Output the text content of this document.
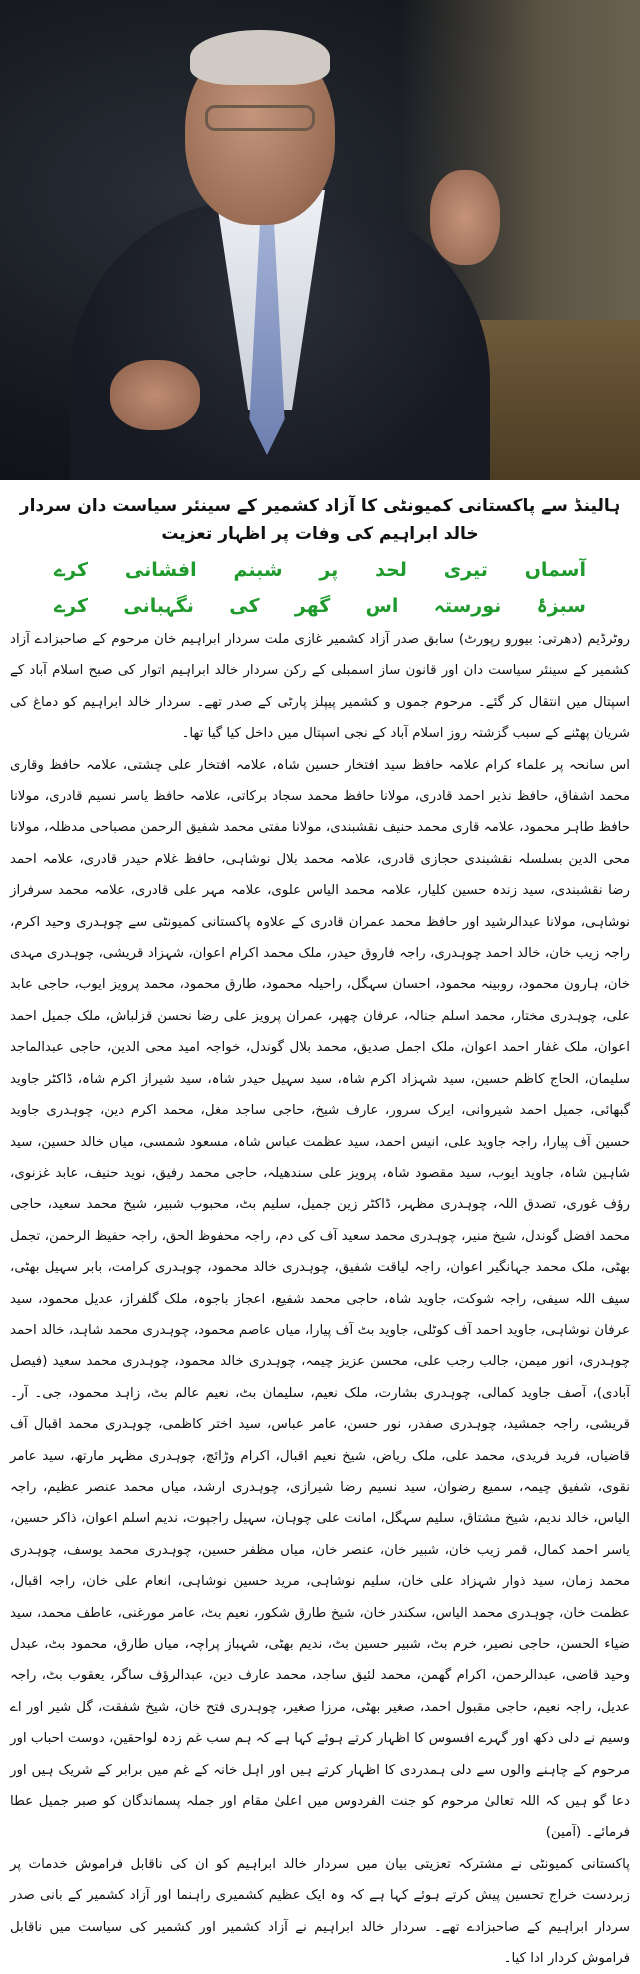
ہالینڈ سے پاکستانی کمیونٹی کا آزاد کشمیر کے سینئر سیاست دان سردار خالد ابراہیم کی وفات پر اظہار تعزیت
آسماں
تیری
لحد
پر
شبنم
افشانی
کرے
سبزۂ
نورستہ
اس
گھر
کی
نگہبانی
کرے

روٹرڈیم (دھرتی: بیورو رپورٹ) سابق صدر آزاد کشمیر غازی ملت سردار ابراہیم خان مرحوم کے صاحبزادے آزاد کشمیر کے سینئر سیاست دان اور قانون ساز اسمبلی کے رکن سردار خالد ابراہیم اتوار کی صبح اسلام آباد کے اسپتال میں انتقال کر گئے۔ مرحوم جموں و کشمیر پیپلز پارٹی کے صدر تھے۔ سردار خالد ابراہیم کو دماغ کی شریان پھٹنے کے سبب گزشتہ روز اسلام آباد کے نجی اسپتال میں داخل کیا گیا تھا۔

اس سانحہ پر علماء کرام علامہ حافظ سید افتخار حسین شاہ، علامہ افتخار علی چشتی، علامہ حافظ وقاری محمد اشفاق، حافظ نذیر احمد قادری، مولانا حافظ محمد سجاد برکاتی، علامہ حافظ یاسر نسیم قادری، مولانا حافظ طاہر محمود، علامہ قاری محمد حنیف نقشبندی، مولانا مفتی محمد شفیق الرحمن مصباحی مدظلہ، مولانا محی الدین بسلسلہ نقشبندی حجازی قادری، علامہ محمد بلال نوشاہی، حافظ غلام حیدر قادری، علامہ احمد رضا نقشبندی، سید زندہ حسین کلیار، علامہ محمد الیاس علوی، علامہ مہر علی قادری، علامہ محمد سرفراز نوشاہی، مولانا عبدالرشید اور حافظ محمد عمران قادری کے علاوہ پاکستانی کمیونٹی سے چوہدری وحید اکرم، راجہ زیب خان، خالد احمد چوہدری، راجہ فاروق حیدر، ملک محمد اکرام اعوان، شہزاد قریشی، چوہدری مہدی خان، ہارون محمود، روبینہ محمود، احسان سہگل، راحیلہ محمود، طارق محمود، محمد پرویز ایوب، حاجی عابد علی، چوہدری مختار، محمد اسلم جنالہ، عرفان چھپر، عمران پرویز علی رضا نحسن قزلباش، ملک جمیل احمد اعوان، ملک غفار احمد اعوان، ملک اجمل صدیق، محمد بلال گوندل، خواجہ امید محی الدین، حاجی عبدالماجد سلیمان، الحاج کاظم حسین، سید شہزاد اکرم شاہ، سید سہیل حیدر شاہ، سید شیراز اکرم شاہ، ڈاکٹر جاوید گبھائی، جمیل احمد شیروانی، ایرک سرور، عارف شیخ، حاجی ساجد مغل، محمد اکرم دین، چوہدری جاوید حسین آف پیارا، راجہ جاوید علی، انیس احمد، سید عظمت عباس شاہ، مسعود شمسی، میاں خالد حسین، سید شاہین شاہ، جاوید ایوب، سید مقصود شاہ، پرویز علی سندھیلہ، حاجی محمد رفیق، نوید حنیف، عابد غزنوی، رؤف غوری، تصدق اللہ، چوہدری مظہر، ڈاکٹر زین جمیل، سلیم بٹ، محبوب شبیر، شیخ محمد سعید، حاجی محمد افضل گوندل، شیخ منیر، چوہدری محمد سعید آف کی دم، راجہ محفوظ الحق، راجہ حفیظ الرحمن، تجمل بھٹی، ملک محمد جہانگیر اعوان، راجہ لیاقت شفیق، چوہدری خالد محمود، چوہدری کرامت، بابر سہیل بھٹی، سیف اللہ سیفی، راجہ شوکت، جاوید شاہ، حاجی محمد شفیع، اعجاز باجوہ، ملک گلفراز، عدیل محمود، سید عرفان نوشاہی، جاوید احمد آف کوٹلی، جاوید بٹ آف پیارا، میاں عاصم محمود، چوہدری محمد شاہد، خالد احمد چوہدری، انور میمن، جالب رجب علی، محسن عزیز چیمہ، چوہدری خالد محمود، چوہدری محمد سعید (فیصل آبادی)، آصف جاوید کمالی، چوہدری بشارت، ملک نعیم، سلیمان بٹ، نعیم عالم بٹ، زاہد محمود، جی۔ آر۔ قریشی، راجہ جمشید، چوہدری صفدر، نور حسن، عامر عباس، سید اختر کاظمی، چوہدری محمد اقبال آف قاضیاں، فرید فریدی، محمد علی، ملک ریاض، شیخ نعیم اقبال، اکرام وڑائچ، چوہدری مظہر مارتھ، سید عامر نقوی، شفیق چیمہ، سمیع رضوان، سید نسیم رضا شیرازی، چوہدری ارشد، میاں محمد عنصر عظیم، راجہ الیاس، خالد ندیم، شیخ مشتاق، سلیم سہگل، امانت علی چوہان، سہیل راجپوت، ندیم اسلم اعوان، ذاکر حسین، یاسر احمد کمال، قمر زیب خان، شبیر خان، عنصر خان، میاں مظفر حسین، چوہدری محمد یوسف، چوہدری محمد زمان، سید ذوار شہزاد علی خان، سلیم نوشاہی، مرید حسین نوشاہی، انعام علی خان، راجہ اقبال، عظمت خان، چوہدری محمد الیاس، سکندر خان، شیخ طارق شکور، نعیم بٹ، عامر مورغنی، عاطف محمد، سید ضیاء الحسن، حاجی نصیر، خرم بٹ، شبیر حسین بٹ، ندیم بھٹی، شہباز پراچہ، میاں طارق، محمود بٹ، عبدل وحید قاضی، عبدالرحمن، اکرام گھمن، محمد لئیق ساجد، محمد عارف دین، عبدالرؤف ساگر، یعقوب بٹ، راجہ عدیل، راجہ نعیم، حاجی مقبول احمد، صغیر بھٹی، مرزا صغیر، چوہدری فتح خان، شیخ شفقت، گل شیر اور اے وسیم نے دلی دکھ اور گہرے افسوس کا اظہار کرتے ہوئے کہا ہے کہ ہم سب غم زدہ لواحقین، دوست احباب اور مرحوم کے چاہنے والوں سے دلی ہمدردی کا اظہار کرتے ہیں اور اہل خانہ کے غم میں برابر کے شریک ہیں اور دعا گو ہیں کہ اللہ تعالیٰ مرحوم کو جنت الفردوس میں اعلیٰ مقام اور جملہ پسماندگان کو صبر جمیل عطا فرمائے۔ (آمین)

پاکستانی کمیونٹی نے مشترکہ تعزیتی بیان میں سردار خالد ابراہیم کو ان کی ناقابل فراموش خدمات پر زبردست خراج تحسین پیش کرتے ہوئے کہا ہے کہ وہ ایک عظیم کشمیری راہنما اور آزاد کشمیر کے بانی صدر سردار ابراہیم کے صاحبزادے تھے۔ سردار خالد ابراہیم نے آزاد کشمیر اور کشمیر کی سیاست میں ناقابل فراموش کردار ادا کیا۔
